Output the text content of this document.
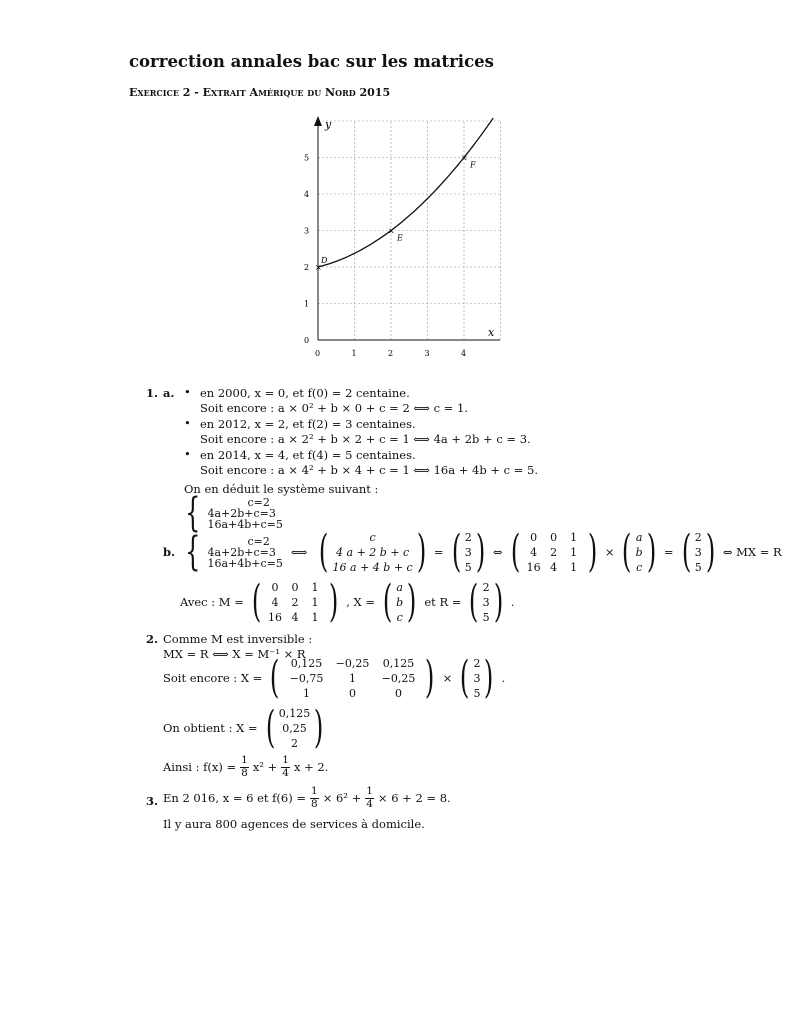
correction annales bac sur les matrices
Exercice 2 - Extrait Amérique du Nord 2015
y
x
0	1	2	3	4
0
1
2
3
4
5
×
D
×
E
×
F
1. a. • en 2000, x = 0, et f(0) = 2 centaine.
Soit encore : a × 0² + b × 0 + c = 2 ⟺ c = 1.
• en 2012, x = 2, et f(2) = 3 centaines.
Soit encore : a × 2² + b × 2 + c = 1 ⟺ 4a + 2b + c = 3.
• en 2014, x = 4, et f(4) = 5 centaines.
Soit encore : a × 4² + b × 4 + c = 1 ⟺ 16a + 4b + c = 5.
On en déduit le système suivant :
{	c=2
4a+2b+c=3
16a+4b+c=5
b. {	c=2
4a+2b+c=3
16a+4b+c=5
⟺ (	c
4 a + 2 b + c
16 a + 4 b + c ) = ( 2
3
5 ) ⇔ ( 0	0	1
4	2	1
16 4	1 ) × ( a
b
c ) = ( 2
3
5 ) ⇔ MX = R
Avec : M = ( 0	0	1
4	2	1
16 4	1 ) , X = ( a
b
c ) et R = ( 2
3
5 ) .
2. Comme M est inversible :
MX = R ⟺ X = M⁻¹ × R
Soit encore : X = (	0,125	−0,25	0,125
−0,75	1	−0,25
1	0	0 ) × ( 2
3
5 ) .
On obtient : X = ( 0,125
0,25
2 )
Ainsi : $f(x) = \frac{1}{8} x^2 + \frac{1}{4}$ x + 2.
3. En 2 016, x = 6 et $f(6) = \frac{1}{8} \times 6^2 + \frac{1}{4} \times 6 + 2 = 8$.
Il y aura 800 agences de services à domicile.
